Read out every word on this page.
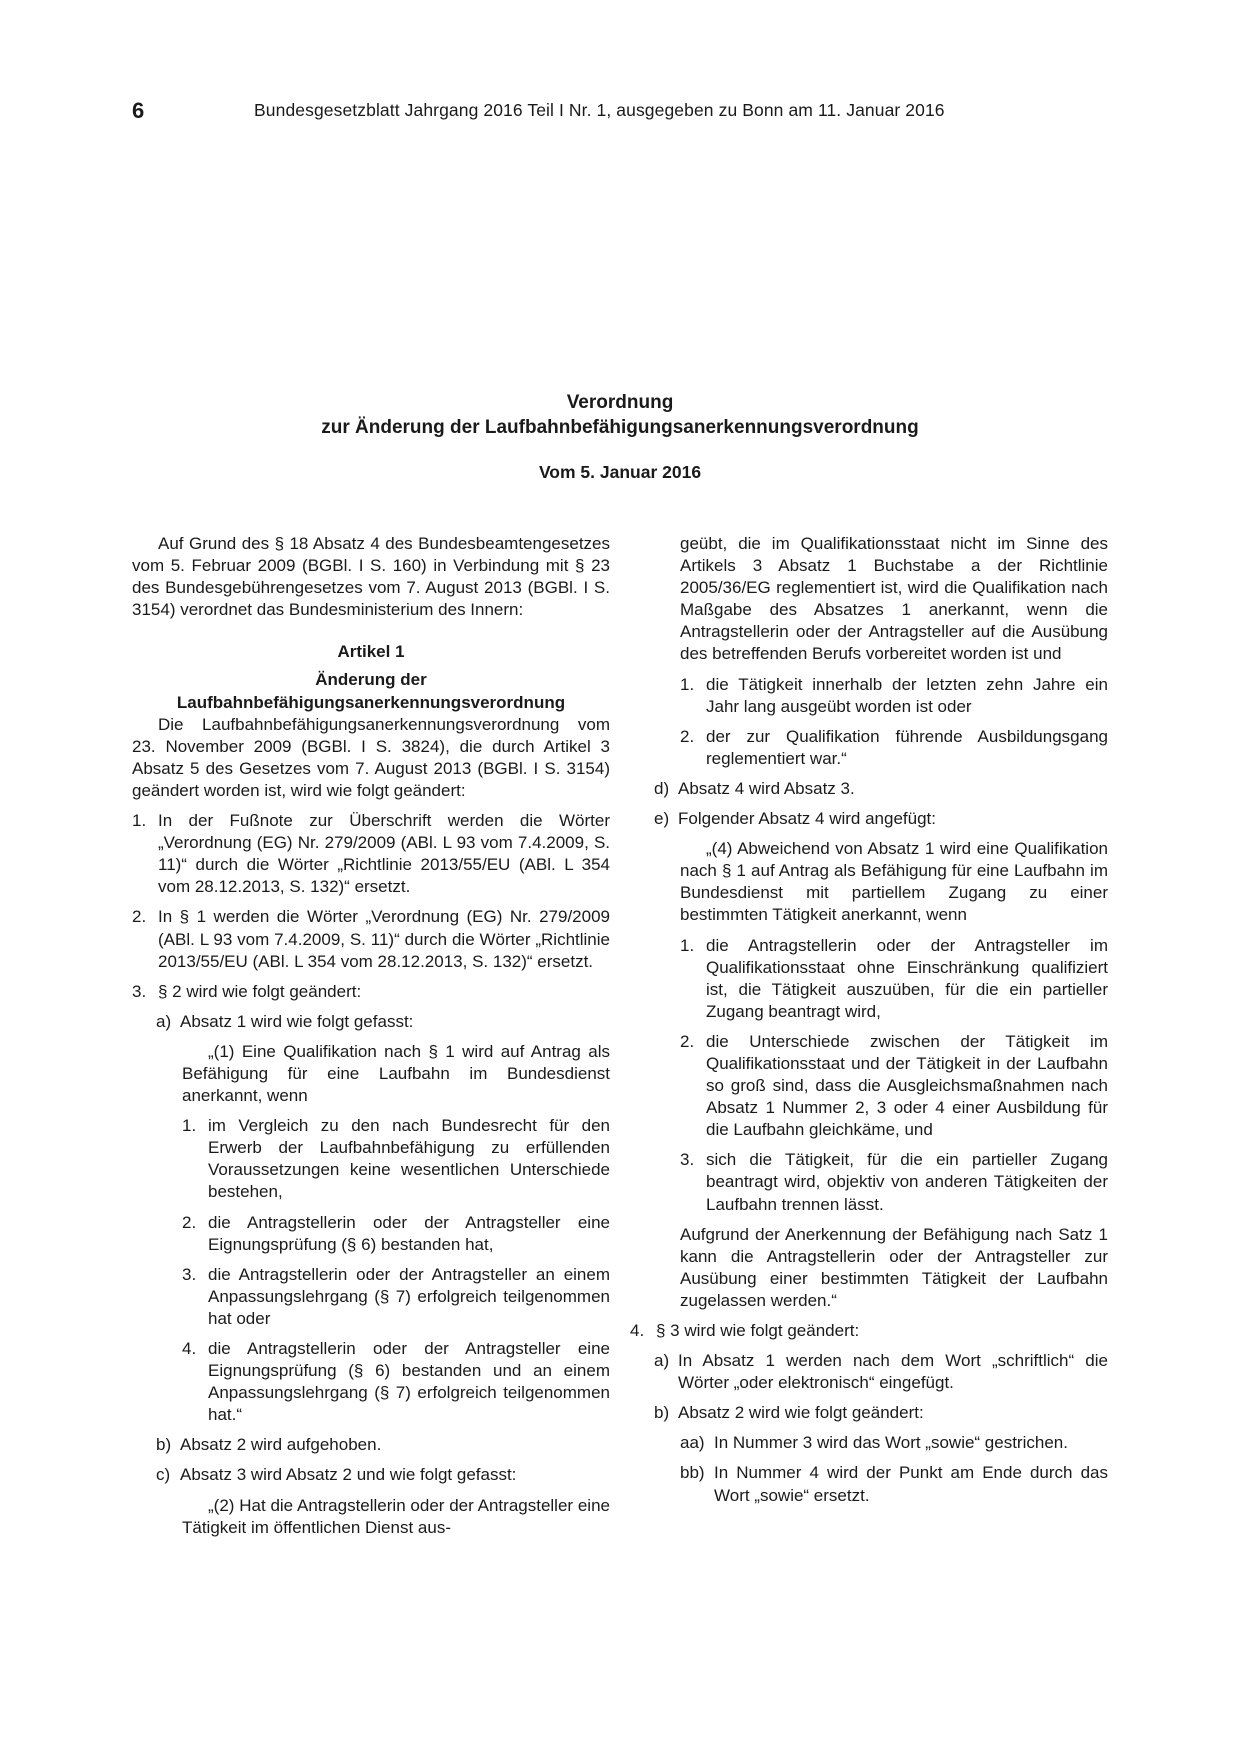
6	Bundesgesetzblatt Jahrgang 2016 Teil I Nr. 1, ausgegeben zu Bonn am 11. Januar 2016
Verordnung
zur Änderung der Laufbahnbefähigungsanerkennungsverordnung
Vom 5. Januar 2016

Auf Grund des § 18 Absatz 4 des Bundesbeamtengesetzes vom 5. Februar 2009 (BGBl. I S. 160) in Verbindung mit § 23 des Bundesgebührengesetzes vom 7. August 2013 (BGBl. I S. 3154) verordnet das Bundesministerium des Innern:

Artikel 1

Änderung der

Laufbahnbefähigungsanerkennungsverordnung

Die Laufbahnbefähigungsanerkennungsverordnung vom 23. November 2009 (BGBl. I S. 3824), die durch Artikel 3 Absatz 5 des Gesetzes vom 7. August 2013 (BGBl. I S. 3154) geändert worden ist, wird wie folgt geändert:

1. In der Fußnote zur Überschrift werden die Wörter „Verordnung (EG) Nr. 279/2009 (ABl. L 93 vom 7.4.2009, S. 11)“ durch die Wörter „Richtlinie 2013/55/EU (ABl. L 354 vom 28.12.2013, S. 132)“ ersetzt.
2. In § 1 werden die Wörter „Verordnung (EG) Nr. 279/2009 (ABl. L 93 vom 7.4.2009, S. 11)“ durch die Wörter „Richtlinie 2013/55/EU (ABl. L 354 vom 28.12.2013, S. 132)“ ersetzt.
3. § 2 wird wie folgt geändert:
a) Absatz 1 wird wie folgt gefasst:

„(1) Eine Qualifikation nach § 1 wird auf Antrag als Befähigung für eine Laufbahn im Bundesdienst anerkannt, wenn

1. im Vergleich zu den nach Bundesrecht für den Erwerb der Laufbahnbefähigung zu erfüllenden Voraussetzungen keine wesentlichen Unterschiede bestehen,
2. die Antragstellerin oder der Antragsteller eine Eignungsprüfung (§ 6) bestanden hat,
3. die Antragstellerin oder der Antragsteller an einem Anpassungslehrgang (§ 7) erfolgreich teilgenommen hat oder
4. die Antragstellerin oder der Antragsteller eine Eignungsprüfung (§ 6) bestanden und an einem Anpassungslehrgang (§ 7) erfolgreich teilgenommen hat.“
b) Absatz 2 wird aufgehoben.
c) Absatz 3 wird Absatz 2 und wie folgt gefasst:

„(2) Hat die Antragstellerin oder der Antragsteller eine Tätigkeit im öffentlichen Dienst aus-

geübt, die im Qualifikationsstaat nicht im Sinne des Artikels 3 Absatz 1 Buchstabe a der Richtlinie 2005/36/EG reglementiert ist, wird die Qualifikation nach Maßgabe des Absatzes 1 anerkannt, wenn die Antragstellerin oder der Antragsteller auf die Ausübung des betreffenden Berufs vorbereitet worden ist und

1. die Tätigkeit innerhalb der letzten zehn Jahre ein Jahr lang ausgeübt worden ist oder
2. der zur Qualifikation führende Ausbildungsgang reglementiert war.“
d) Absatz 4 wird Absatz 3.
e) Folgender Absatz 4 wird angefügt:

„(4) Abweichend von Absatz 1 wird eine Qualifikation nach § 1 auf Antrag als Befähigung für eine Laufbahn im Bundesdienst mit partiellem Zugang zu einer bestimmten Tätigkeit anerkannt, wenn

1. die Antragstellerin oder der Antragsteller im Qualifikationsstaat ohne Einschränkung qualifiziert ist, die Tätigkeit auszuüben, für die ein partieller Zugang beantragt wird,
2. die Unterschiede zwischen der Tätigkeit im Qualifikationsstaat und der Tätigkeit in der Laufbahn so groß sind, dass die Ausgleichsmaßnahmen nach Absatz 1 Nummer 2, 3 oder 4 einer Ausbildung für die Laufbahn gleichkäme, und
3. sich die Tätigkeit, für die ein partieller Zugang beantragt wird, objektiv von anderen Tätigkeiten der Laufbahn trennen lässt.

Aufgrund der Anerkennung der Befähigung nach Satz 1 kann die Antragstellerin oder der Antragsteller zur Ausübung einer bestimmten Tätigkeit der Laufbahn zugelassen werden.“

4. § 3 wird wie folgt geändert:
a) In Absatz 1 werden nach dem Wort „schriftlich“ die Wörter „oder elektronisch“ eingefügt.
b) Absatz 2 wird wie folgt geändert:
aa) In Nummer 3 wird das Wort „sowie“ gestrichen.
bb) In Nummer 4 wird der Punkt am Ende durch das Wort „sowie“ ersetzt.
